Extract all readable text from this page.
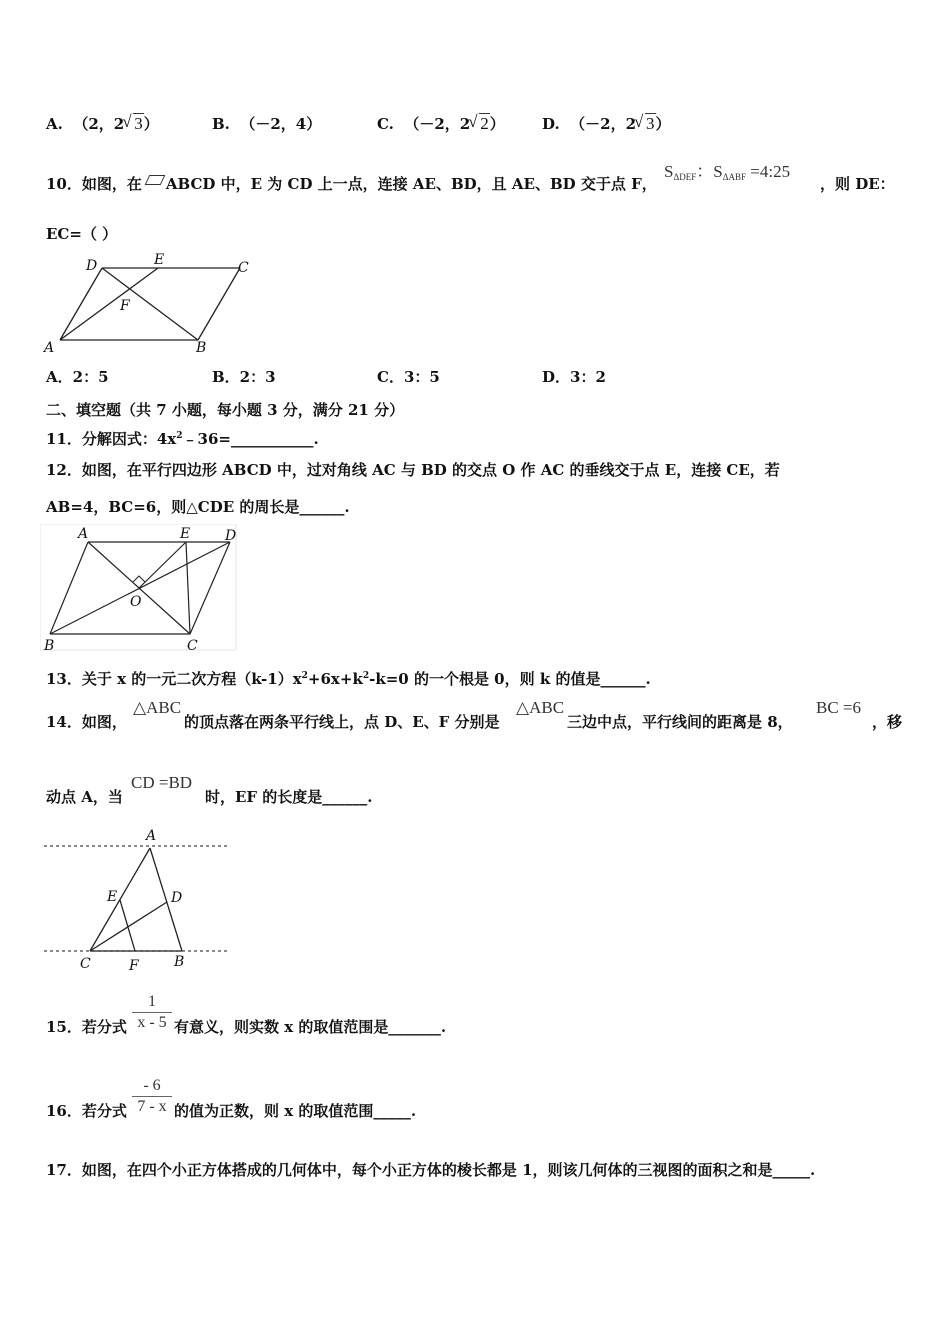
A. （2，2 √ 3）	B. （－2，4）	C. （－2，2 √ 2） D. （－2，2 √ 3）
10．如图，在 ABCD 中，E 为 CD 上一点，连接 AE、BD，且 AE、BD 交于点 F，
$S_{\Delta DEF}$：$S_{\Delta ABF}$ =4:25
，则 DE：
EC=（ ）
D	E	C
F
A	B
A．2：5	B．2：3	C．3：5	D．3：2
二、填空题（共 7 小题，每小题 3 分，满分 21 分）
11．分解因式：$4x^2﹣36=\_\_\_\_\_\_\_\_\_\_\_$.
12．如图，在平行四边形 ABCD 中，过对角线 AC 与 BD 的交点 O 作 AC 的垂线交于点 E，连接 CE，若
AB=4，BC=6，则△CDE 的周长是______.
A	E D
O
B	C
13．关于 x 的一元二次方程$(k-1)x^2+6x+k^2-k=0$ 的一个根是 0，则 k 的值是______.
14．如图，
△ABC
的顶点落在两条平行线上，点 D、E、F 分别是
△ABC
三边中点，平行线间的距离是 8，
BC =6
，移
动点 A，当
CD =BD
时，EF 的长度是______.
A
E	D
C	F	B
15．若分式
1
x - 5 有意义，则实数 x 的取值范围是_______.
16．若分式
- 6
7 - x 的值为正数，则 x 的取值范围_____.
17．如图，在四个小正方体搭成的几何体中，每个小正方体的棱长都是 1，则该几何体的三视图的面积之和是_____.
